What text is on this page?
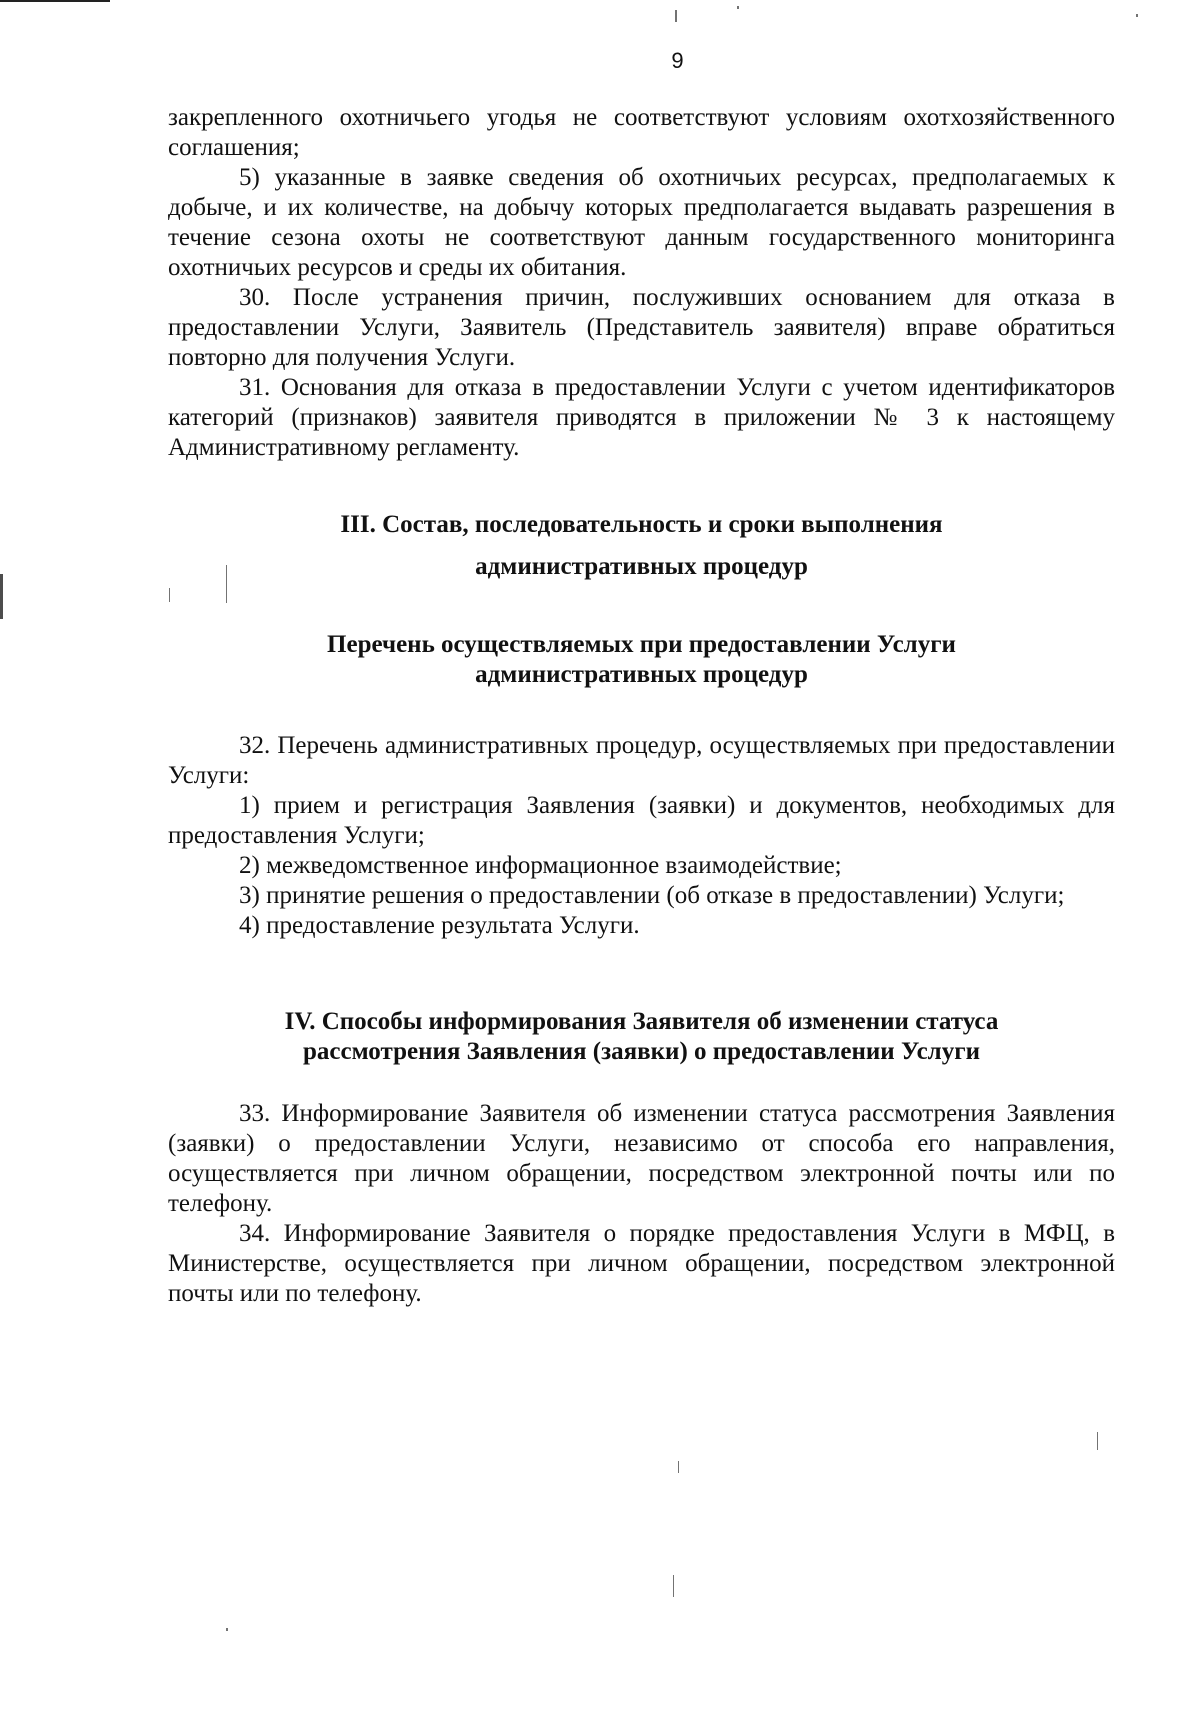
9

закрепленного охотничьего угодья не соответствуют условиям охотхозяйственного соглашения;

5) указанные в заявке сведения об охотничьих ресурсах, предполагаемых к добыче, и их количестве, на добычу которых предполагается выдавать разрешения в течение сезона охоты не соответствуют данным государственного мониторинга охотничьих ресурсов и среды их обитания.

30. После устранения причин, послуживших основанием для отказа в предоставлении Услуги, Заявитель (Представитель заявителя) вправе обратиться повторно для получения Услуги.

31. Основания для отказа в предоставлении Услуги с учетом идентификаторов категорий (признаков) заявителя приводятся в приложении № 3 к настоящему Административному регламенту.

III. Состав, последовательность и сроки выполнения
административных процедур
Перечень осуществляемых при предоставлении Услуги
административных процедур

32. Перечень административных процедур, осуществляемых при предоставлении Услуги:

1) прием и регистрация Заявления (заявки) и документов, необходимых для предоставления Услуги;

2) межведомственное информационное взаимодействие;

3) принятие решения о предоставлении (об отказе в предоставлении) Услуги;

4) предоставление результата Услуги.

IV. Способы информирования Заявителя об изменении статуса
рассмотрения Заявления (заявки) о предоставлении Услуги

33. Информирование Заявителя об изменении статуса рассмотрения Заявления (заявки) о предоставлении Услуги, независимо от способа его направления, осуществляется при личном обращении, посредством электронной почты или по телефону.

34. Информирование Заявителя о порядке предоставления Услуги в МФЦ, в Министерстве, осуществляется при личном обращении, посредством электронной почты или по телефону.
